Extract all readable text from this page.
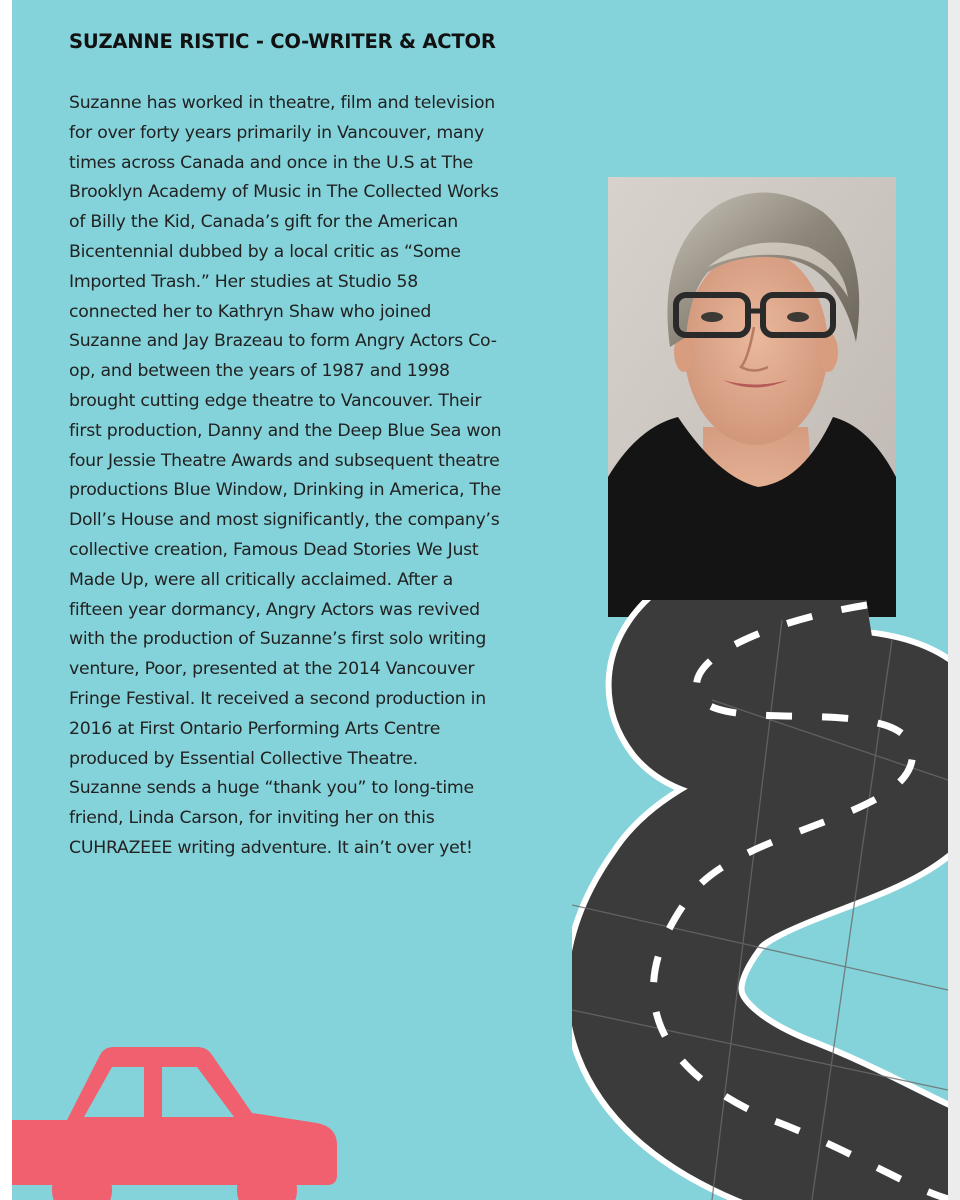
SUZANNE RISTIC - CO-WRITER & ACTOR
Suzanne has worked in theatre, film and television
for over forty years primarily in Vancouver, many
times across Canada and once in the U.S at The
Brooklyn Academy of Music in The Collected Works
of Billy the Kid, Canada’s gift for the American
Bicentennial dubbed by a local critic as “Some
Imported Trash.” Her studies at Studio 58
connected her to Kathryn Shaw who joined
Suzanne and Jay Brazeau to form Angry Actors Co-
op, and between the years of 1987 and 1998
brought cutting edge theatre to Vancouver. Their
first production, Danny and the Deep Blue Sea won
four Jessie Theatre Awards and subsequent theatre
productions Blue Window, Drinking in America, The
Doll’s House and most significantly, the company’s
collective creation, Famous Dead Stories We Just
Made Up, were all critically acclaimed. After a
fifteen year dormancy, Angry Actors was revived
with the production of Suzanne’s first solo writing
venture, Poor, presented at the 2014 Vancouver
Fringe Festival. It received a second production in
2016 at First Ontario Performing Arts Centre
produced by Essential Collective Theatre.
Suzanne sends a huge “thank you” to long-time
friend, Linda Carson, for inviting her on this
CUHRAZEEE writing adventure. It ain’t over yet!
